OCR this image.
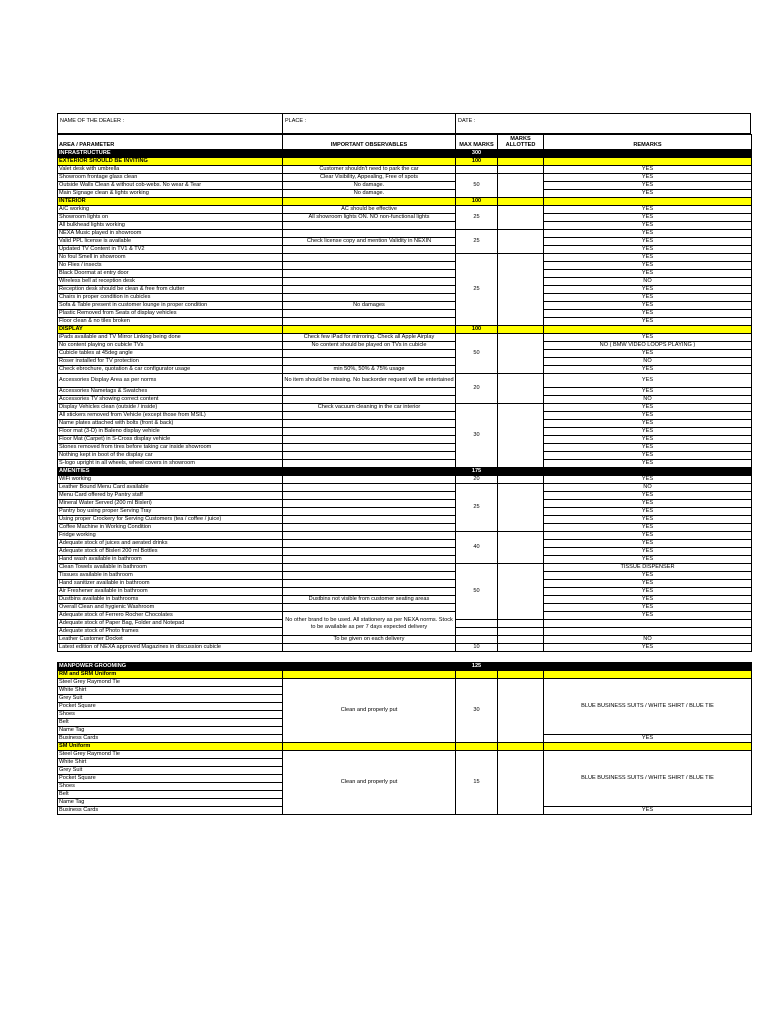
NAME OF THE DEALER :	PLACE :	DATE :
AREA / PARAMETER	IMPORTANT OBSERVABLES	MAX MARKS	MARKS ALLOTTED	REMARKS
INFRASTRUCTURE		300		
EXTERIOR SHOULD BE INVITING		100		
Valet desk with umbrella	Customer shouldn't need to park the car			YES
Showroom frontage glass clean	Clear Visibility, Appealing, Free of spots	50		YES
Outside Walls Clean & without cob-webs. No wear & Tear	No damage.			YES
Main Signage clean & lights working	No damage.			YES
INTERIOR		100		
A/C working	AC should be effective	25		YES
Showroom lights on	All showroom lights ON. NO non-functional lights			YES
All bulkhead lights working				YES
NEXA Music played in showroom		25		YES
Valid PPL license is available	Check license copy and mention Validity in NEXIN			YES
Updated TV Content in TV1 & TV2				YES
No foul Smell in showroom		25		YES
No Flies / insects				YES
Black Doormat at entry door				YES
Wireless bell at reception desk				NO
Reception desk should be clean & free from clutter				YES
Chairs in proper condition in cubicles				YES
Sofa & Table present in customer lounge in proper condition	No damages			YES
Plastic Removed from Seats of display vehicles				YES
Floor clean & no tiles broken				YES
DISPLAY		100		
iPads available and TV Mirror Linking being done	Check few iPad for mirroring. Check all Apple Airplay	50		YES
No content playing on cubicle TVs	No content should be played on TVs in cubicle			NO ( BMW VIDEO LOOPS PLAYING )
Cubicle tables at 45deg angle				YES
Roser installed for TV protection				NO
Check ebrochure, quotation & car configurator usage	min 50%, 50% & 75% usage			YES
Accessories Display Area as per norms	No item should be missing. No backorder request will be entertained	20		YES
Accessories Nametags & Swatches				YES
Accessories TV showing correct content				NO
Display Vehicles clean (outside / inside)	Check vacuum cleaning in the car interior	30		YES
All stickers removed from Vehicle (except those from MSIL)				YES
Name plates attached with bolts (front & back)				YES
Floor mat (3-D) in Baleno display vehicle				YES
Floor Mat (Carpet) in S-Cross display vehicle				YES
Stones removed from tires before taking car inside showroom				YES
Nothing kept in boot of the display car				YES
S-logo upright in all wheels, wheel covers in showroom				YES
AMENITIES		175		
WiFi working		20		YES
Leather Bound Menu Card available		25		NO
Menu Card offered by Pantry staff				YES
Mineral Water Served (200 ml Bisleri)				YES
Pantry boy using proper Serving Tray				YES
Using proper Crockery for Serving Customers (tea / coffee / juice)				YES
Coffee Machine in Working Condition				YES
Fridge working		40		YES
Adequate stock of juices and aerated drinks				YES
Adequate stock of Bisleri 200 ml Bottles				YES
Hand wash available in bathroom				YES
Clean Towels available in bathroom		50		TISSUE DISPENSER
Tissues available in bathroom				YES
Hand sanitizer available in bathroom				YES
Air Freshener available in bathroom				YES
Dustbins available in bathrooms	Dustbins not visible from customer seating areas			YES
Overall Clean and hygienic Washroom				YES
Adequate stock of Ferrero Rocher Chocolates	No other brand to be used. All stationery as per NEXA norms. Stock to be available as per 7 days expected delivery			YES
Adequate stock of Paper Bag, Folder and Notepad				
Adequate stock of Photo frames				
Leather Customer Docket	To be given on each delivery			NO
Latest edition of NEXA approved Magazines in discussion cubicle		10		YES

MANPOWER GROOMING		125		
RM and SRM Uniform				
Steel Grey Raymond Tie	Clean and properly put	30		BLUE BUSINESS SUITS / WHITE SHIRT / BLUE TIE
White Shirt				
Grey Suit				
Pocket Square				
Shoes				
Belt				
Name Tag				
Business Cards				YES
SM Uniform				
Steel Grey Raymond Tie	Clean and properly put	15		BLUE BUSINESS SUITS / WHITE SHIRT / BLUE TIE
White Shirt				
Grey Suit				
Pocket Square				
Shoes				
Belt				
Name Tag				
Business Cards				YES
